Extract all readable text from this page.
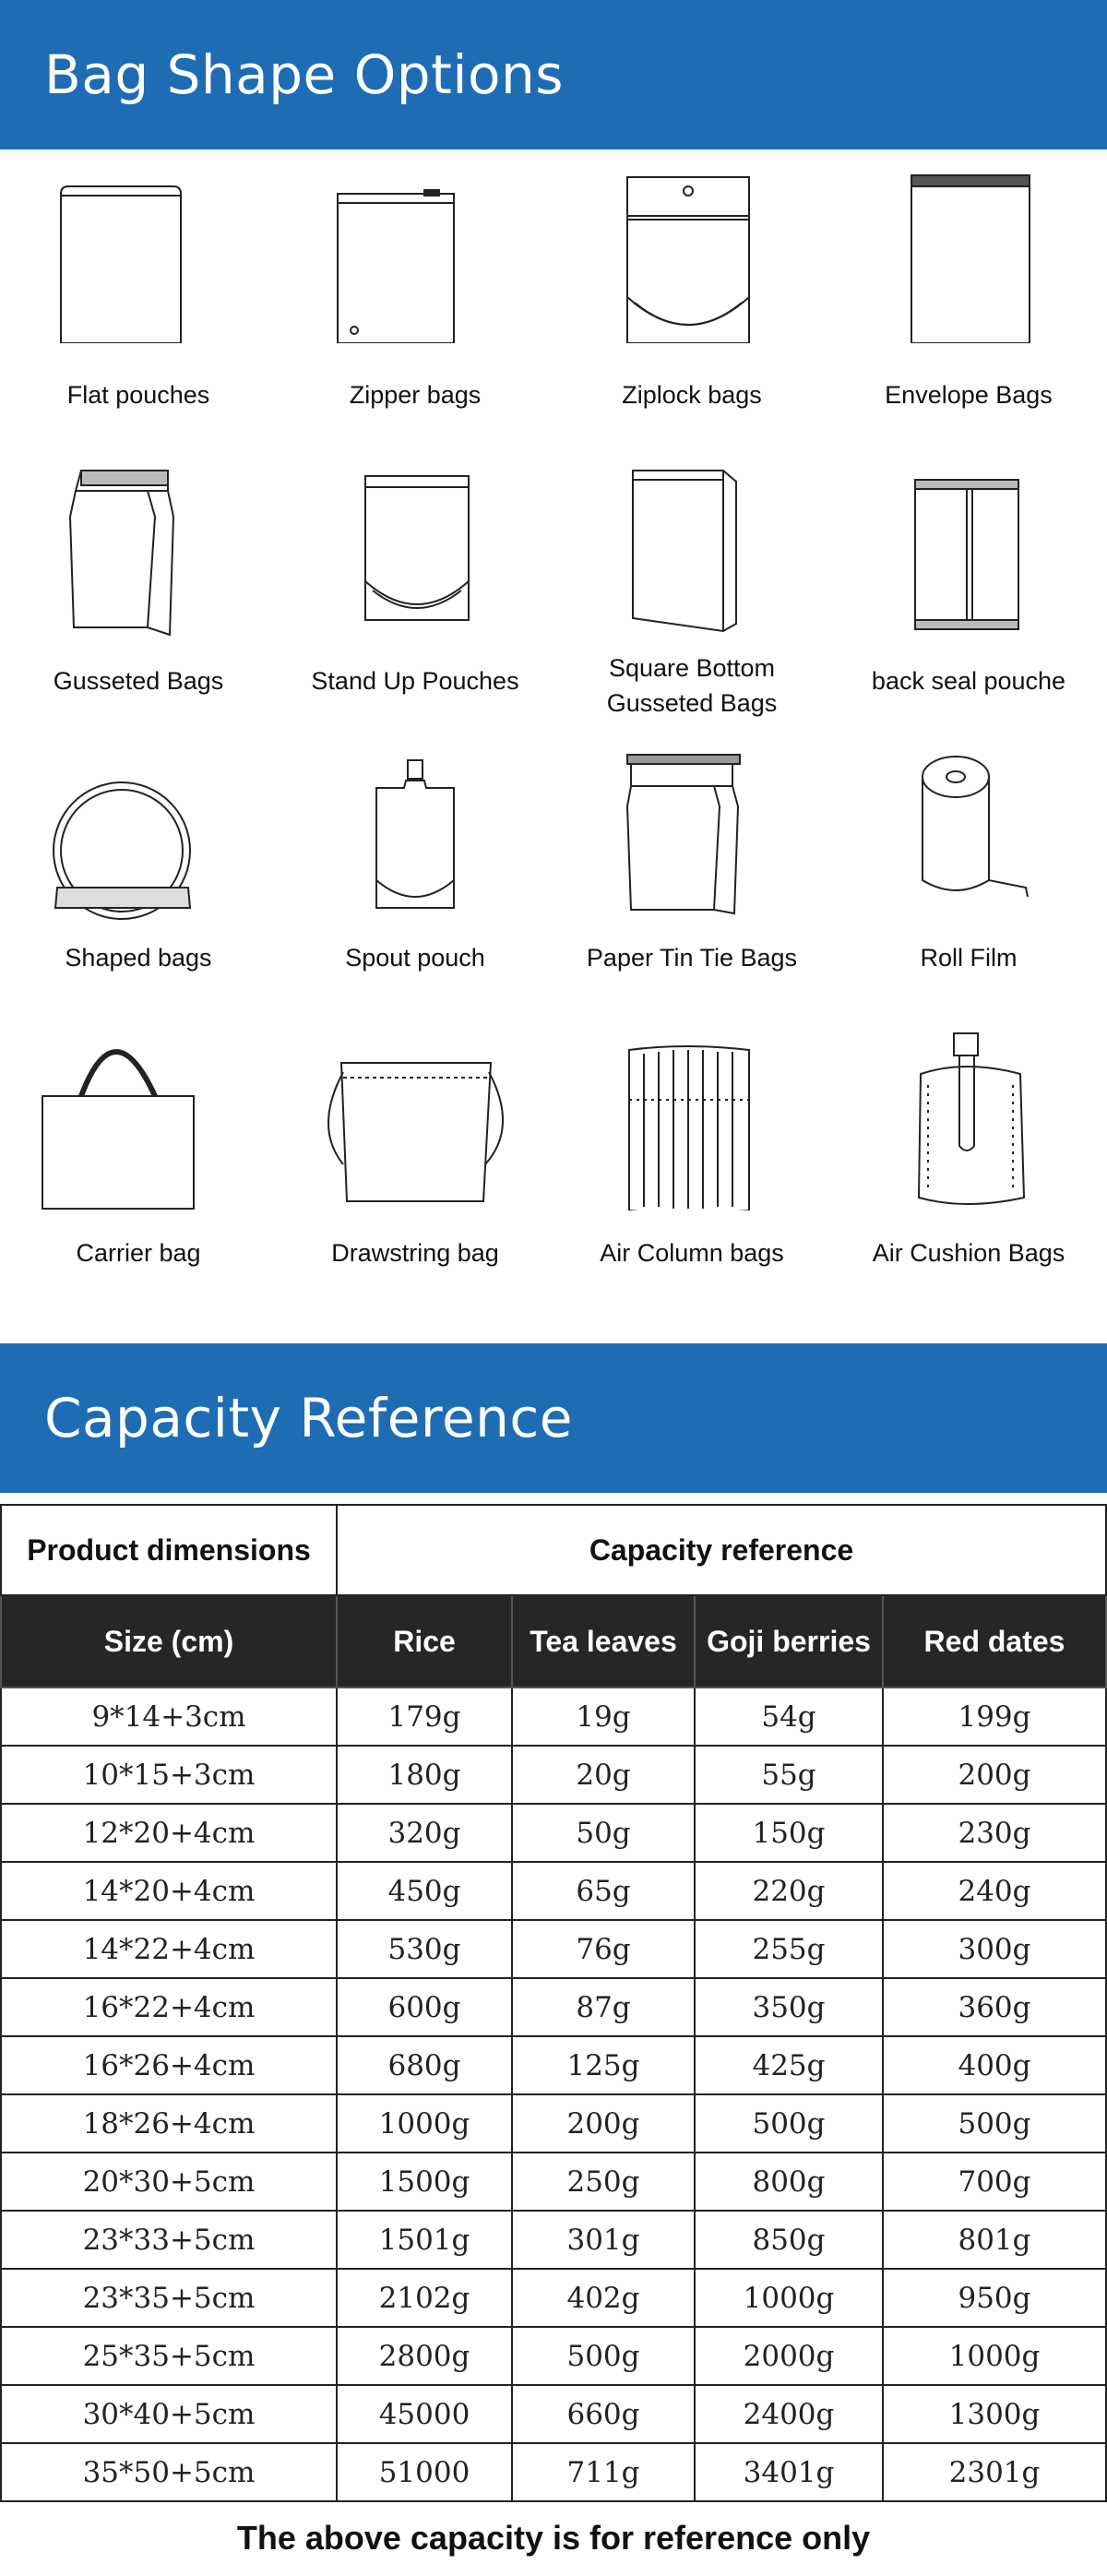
Bag Shape Options
Flat pouches	Zipper bags	Ziplock bags	Envelope Bags
Gusseted Bags	Stand Up Pouches	Square Bottom
Gusseted Bags
back seal pouche
Shaped bags	Spout pouch	Paper Tin Tie Bags	Roll Film
Carrier bag	Drawstring bag	Air Column bags	Air Cushion Bags
Capacity Reference
Product dimensions	Capacity reference			
Size (cm)	Rice	Tea leaves	Goji berries	Red dates
9*14+3cm	179g	19g	54g	199g
10*15+3cm	180g	20g	55g	200g
12*20+4cm	320g	50g	150g	230g
14*20+4cm	450g	65g	220g	240g
14*22+4cm	530g	76g	255g	300g
16*22+4cm	600g	87g	350g	360g
16*26+4cm	680g	125g	425g	400g
18*26+4cm	1000g	200g	500g	500g
20*30+5cm	1500g	250g	800g	700g
23*33+5cm	1501g	301g	850g	801g
23*35+5cm	2102g	402g	1000g	950g
25*35+5cm	2800g	500g	2000g	1000g
30*40+5cm	45000	660g	2400g	1300g
35*50+5cm	51000	711g	3401g	2301g
The above capacity is for reference only
